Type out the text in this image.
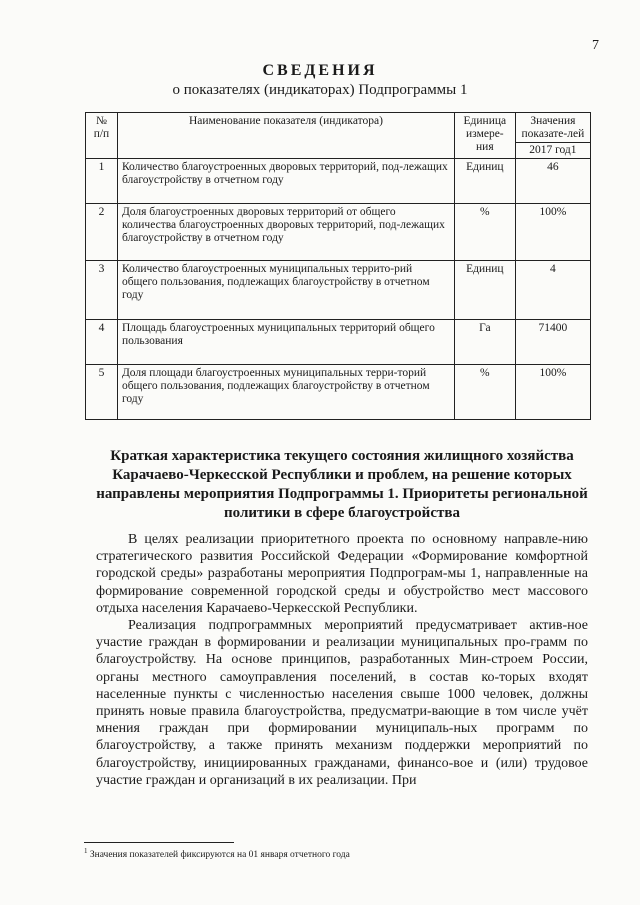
7
СВЕДЕНИЯ
о показателях (индикаторах) Подпрограммы 1
№ п/п	Наименование показателя (индикатора)	Единица измере-ния	Значения показате-лей
2017 год1

1	Количество благоустроенных дворовых территорий, под-лежащих благоустройству в отчетном году	Единиц	46
2	Доля благоустроенных дворовых территорий от общего количества благоустроенных дворовых территорий, под-лежащих благоустройству в отчетном году	%	100%
3	Количество благоустроенных муниципальных террито-рий общего пользования, подлежащих благоустройству в отчетном году	Единиц	4
4	Площадь благоустроенных муниципальных территорий общего пользования	Га	71400
5	Доля площади благоустроенных муниципальных терри-торий общего пользования, подлежащих благоустройству в отчетном году	%	100%
Краткая характеристика текущего состояния жилищного хозяйства Карачаево-Черкесской Республики и проблем, на решение которых направлены мероприятия Подпрограммы 1. Приоритеты региональной политики в сфере благоустройства

В целях реализации приоритетного проекта по основному направле-нию стратегического развития Российской Федерации «Формирование комфортной городской среды» разработаны мероприятия Подпрограм-мы 1, направленные на формирование современной городской среды и обустройство мест массового отдыха населения Карачаево-Черкесской Республики.

Реализация подпрограммных мероприятий предусматривает актив-ное участие граждан в формировании и реализации муниципальных про-грамм по благоустройству. На основе принципов, разработанных Мин-строем России, органы местного самоуправления поселений, в состав ко-торых входят населенные пункты с численностью населения свыше 1000 человек, должны принять новые правила благоустройства, предусматри-вающие в том числе учёт мнения граждан при формировании муниципаль-ных программ по благоустройству, а также принять механизм поддержки мероприятий по благоустройству, инициированных гражданами, финансо-вое и (или) трудовое участие граждан и организаций в их реализации. При

$^1$ Значения показателей фиксируются на 01 января отчетного года
